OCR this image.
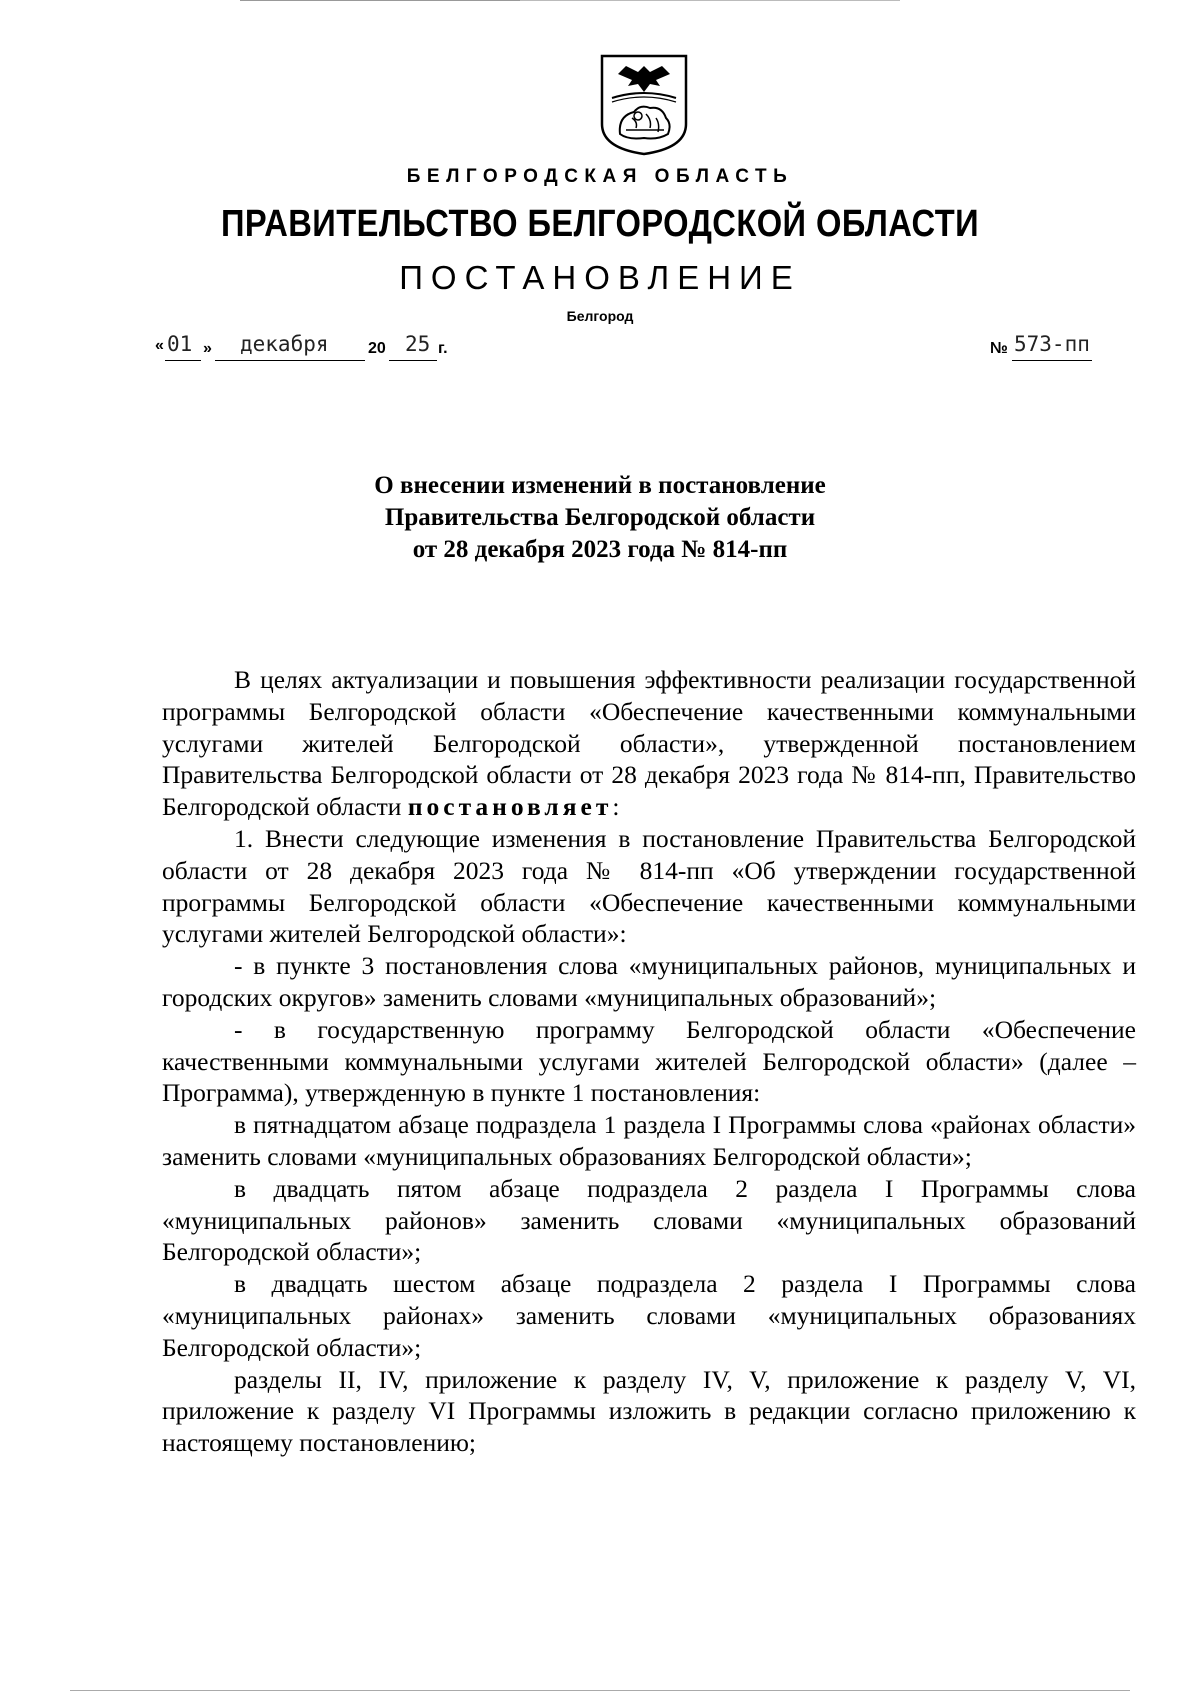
БЕЛГОРОДСКАЯ ОБЛАСТЬ
ПРАВИТЕЛЬСТВО БЕЛГОРОДСКОЙ ОБЛАСТИ
ПОСТАНОВЛЕНИЕ
Белгород
« 01 » декабря 20 25 г.	№ 573-пп
О внесении изменений в постановление
Правительства Белгородской области
от 28 декабря 2023 года № 814-пп

В целях актуализации и повышения эффективности реализации государственной программы Белгородской области «Обеспечение качественными коммунальными услугами жителей Белгородской области», утвержденной постановлением Правительства Белгородской области от 28 декабря 2023 года № 814-пп, Правительство Белгородской области постановляет:

1. Внести следующие изменения в постановление Правительства Белгородской области от 28 декабря 2023 года № 814-пп «Об утверждении государственной программы Белгородской области «Обеспечение качественными коммунальными услугами жителей Белгородской области»:

- в пункте 3 постановления слова «муниципальных районов, муниципальных и городских округов» заменить словами «муниципальных образований»;

- в государственную программу Белгородской области «Обеспечение качественными коммунальными услугами жителей Белгородской области» (далее – Программа), утвержденную в пункте 1 постановления:

в пятнадцатом абзаце подраздела 1 раздела I Программы слова «районах области» заменить словами «муниципальных образованиях Белгородской области»;

в двадцать пятом абзаце подраздела 2 раздела I Программы слова «муниципальных районов» заменить словами «муниципальных образований Белгородской области»;

в двадцать шестом абзаце подраздела 2 раздела I Программы слова «муниципальных районах» заменить словами «муниципальных образованиях Белгородской области»;

разделы II, IV, приложение к разделу IV, V, приложение к разделу V, VI, приложение к разделу VI Программы изложить в редакции согласно приложению к настоящему постановлению;
